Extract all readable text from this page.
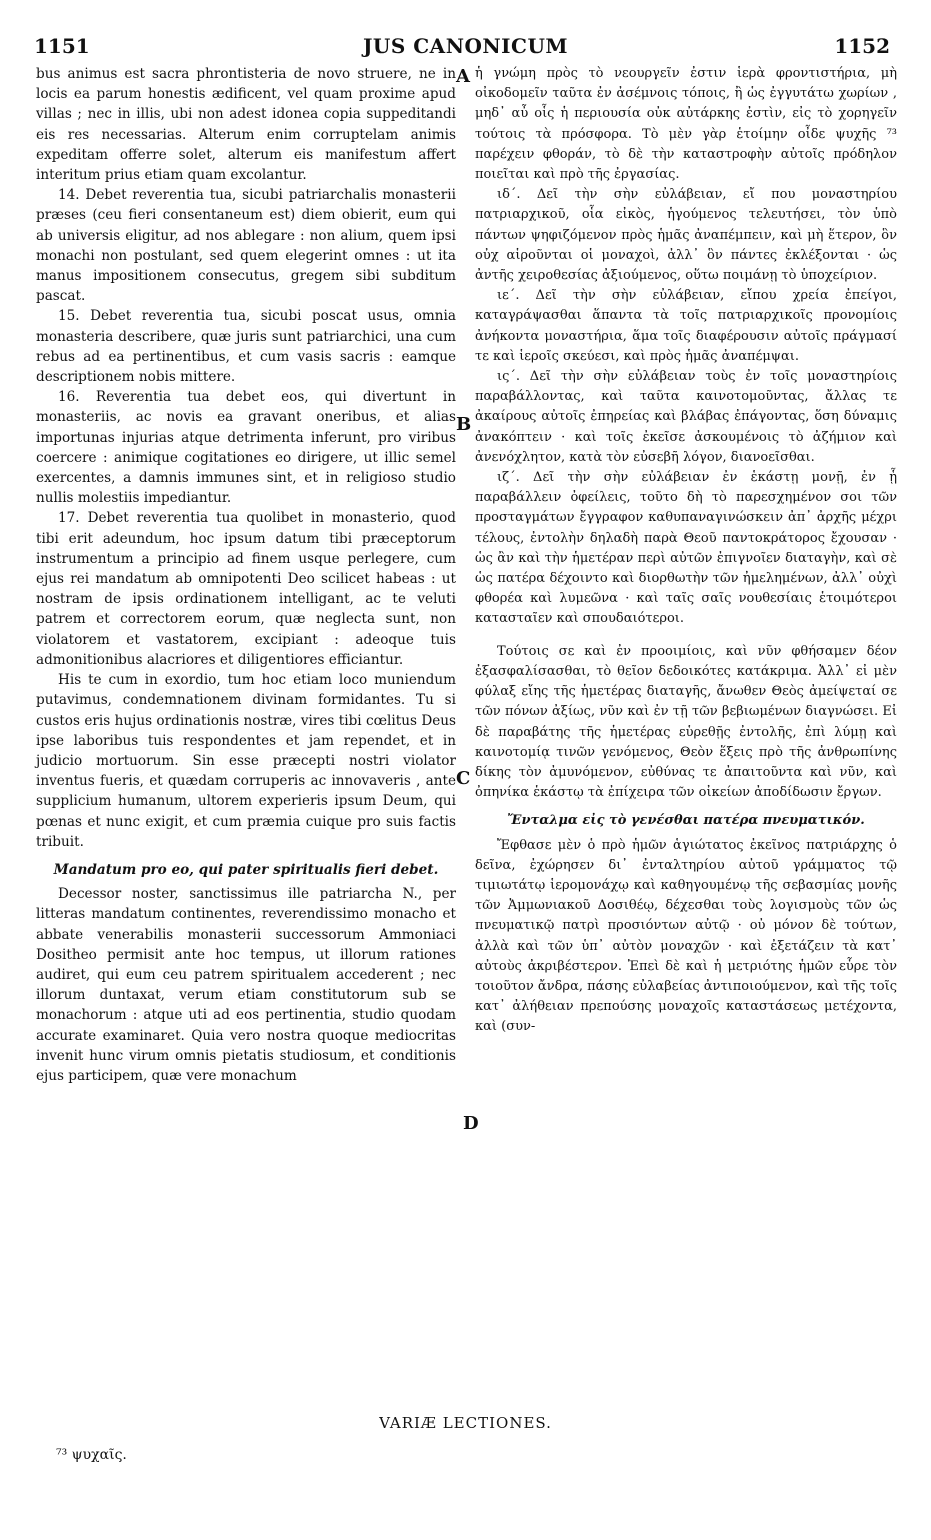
1151	JUS CANONICUM	1152
A
B
C
D

bus animus est sacra phrontisteria de novo struere, ne in locis ea parum honestis ædificent, vel quam proxime apud villas ; nec in illis, ubi non adest idonea copia suppeditandi eis res necessarias. Alterum enim corruptelam animis expeditam offerre solet, alterum eis manifestum affert interitum prius etiam quam excolantur.

14. Debet reverentia tua, sicubi patriarchalis monasterii præses (ceu fieri consentaneum est) diem obierit, eum qui ab universis eligitur, ad nos ablegare : non alium, quem ipsi monachi non postulant, sed quem elegerint omnes : ut ita manus impositionem consecutus, gregem sibi subditum pascat.

15. Debet reverentia tua, sicubi poscat usus, omnia monasteria describere, quæ juris sunt patriarchici, una cum rebus ad ea pertinentibus, et cum vasis sacris : eamque descriptionem nobis mittere.

16. Reverentia tua debet eos, qui divertunt in monasteriis, ac novis ea gravant oneribus, et alias importunas injurias atque detrimenta inferunt, pro viribus coercere : animique cogitationes eo dirigere, ut illic semel exercentes, a damnis immunes sint, et in religioso studio nullis molestiis impediantur.

17. Debet reverentia tua quolibet in monasterio, quod tibi erit adeundum, hoc ipsum datum tibi præceptorum instrumentum a principio ad finem usque perlegere, cum ejus rei mandatum ab omnipotenti Deo scilicet habeas : ut nostram de ipsis ordinationem intelligant, ac te veluti patrem et correctorem eorum, quæ neglecta sunt, non violatorem et vastatorem, excipiant : adeoque tuis admonitionibus alacriores et diligentiores efficiantur.

His te cum in exordio, tum hoc etiam loco muniendum putavimus, condemnationem divinam formidantes. Tu si custos eris hujus ordinationis nostræ, vires tibi cœlitus Deus ipse laboribus tuis respondentes et jam rependet, et in judicio mortuorum. Sin esse præcepti nostri violator inventus fueris, et quædam corruperis ac innovaveris , ante supplicium humanum, ultorem experieris ipsum Deum, qui pœnas et nunc exigit, et cum præmia cuique pro suis factis tribuit.

Mandatum pro eo, qui pater spiritualis fieri debet.

Decessor noster, sanctissimus ille patriarcha N., per litteras mandatum continentes, reverendissimo monacho et abbate venerabilis monasterii successorum Ammoniaci Dositheo permisit ante hoc tempus, ut illorum rationes audiret, qui eum ceu patrem spiritualem accederent ; nec illorum duntaxat, verum etiam constitutorum sub se monachorum : atque uti ad eos pertinentia, studio quodam accurate examinaret. Quia vero nostra quoque mediocritas invenit hunc virum omnis pietatis studiosum, et conditionis ejus participem, quæ vere monachum

ἡ γνώμη πρὸς τὸ νεουργεῖν ἐστιν ἱερὰ φροντιστήρια, μὴ οἰκοδομεῖν ταῦτα ἐν ἀσέμνοις τόποις, ἢ ὡς ἐγγυτάτω χωρίων , μηδ᾽ αὖ οἷς ἡ περιουσία οὐκ αὐτάρκης ἐστὶν, εἰς τὸ χορηγεῖν τούτοις τὰ πρόσφορα. Τὸ μὲν γὰρ ἑτοίμην οἶδε ψυχῆς ⁷³ παρέχειν φθοράν, τὸ δὲ τὴν καταστροφὴν αὐτοῖς πρόδηλον ποιεῖται καὶ πρὸ τῆς ἐργασίας.

ιδ΄. Δεῖ τὴν σὴν εὐλάβειαν, εἴ που μοναστηρίου πατριαρχικοῦ, οἷα εἰκὸς, ἡγούμενος τελευτήσει, τὸν ὑπὸ πάντων ψηφιζόμενον πρὸς ἡμᾶς ἀναπέμπειν, καὶ μὴ ἕτερον, ὃν οὐχ αἱροῦνται οἱ μοναχοὶ, ἀλλ᾽ ὃν πάντες ἐκλέξονται · ὡς ἀντῆς χειροθεσίας ἀξιούμενος, οὕτω ποιμάνῃ τὸ ὑποχείριον.

ιε΄. Δεῖ τὴν σὴν εὐλάβειαν, εἴπου χρεία ἐπείγοι, καταγράψασθαι ἅπαντα τὰ τοῖς πατριαρχικοῖς προνομίοις ἀνήκοντα μοναστήρια, ἅμα τοῖς διαφέρουσιν αὐτοῖς πράγμασί τε καὶ ἱεροῖς σκεύεσι, καὶ πρὸς ἡμᾶς ἀναπέμψαι.

ις΄. Δεῖ τὴν σὴν εὐλάβειαν τοὺς ἐν τοῖς μοναστηρίοις παραβάλλοντας, καὶ ταῦτα καινοτομοῦντας, ἄλλας τε ἀκαίρους αὐτοῖς ἐπηρείας καὶ βλάβας ἐπάγοντας, ὅση δύναμις ἀνακόπτειν · καὶ τοῖς ἐκεῖσε ἀσκουμένοις τὸ ἀζήμιον καὶ ἀνενόχλητον, κατὰ τὸν εὐσεβῆ λόγον, διανοεῖσθαι.

ιζ΄. Δεῖ τὴν σὴν εὐλάβειαν ἐν ἑκάστῃ μονῇ, ἐν ᾗ παραβάλλειν ὀφείλεις, τοῦτο δὴ τὸ παρεσχημένον σοι τῶν προσταγμάτων ἔγγραφον καθυπαναγινώσκειν ἀπ᾽ ἀρχῆς μέχρι τέλους, ἐντολὴν δηλαδὴ παρὰ Θεοῦ παντοκράτορος ἔχουσαν · ὡς ἂν καὶ τὴν ἡμετέραν περὶ αὐτῶν ἐπιγνοῖεν διαταγὴν, καὶ σὲ ὡς πατέρα δέχοιντο καὶ διορθωτὴν τῶν ἠμελημένων, ἀλλ᾽ οὐχὶ φθορέα καὶ λυμεῶνα · καὶ ταῖς σαῖς νουθεσίαις ἑτοιμότεροι κατασταῖεν καὶ σπουδαιότεροι.

Τούτοις σε καὶ ἐν προοιμίοις, καὶ νῦν φθήσαμεν δέον ἐξασφαλίσασθαι, τὸ θεῖον δεδοικότες κατάκριμα. Ἀλλ᾽ εἰ μὲν φύλαξ εἴης τῆς ἡμετέρας διαταγῆς, ἄνωθεν Θεὸς ἀμείψεταί σε τῶν πόνων ἀξίως, νῦν καὶ ἐν τῇ τῶν βεβιωμένων διαγνώσει. Εἰ δὲ παραβάτης τῆς ἡμετέρας εὑρεθῇς ἐντολῆς, ἐπὶ λύμῃ καὶ καινοτομίᾳ τινῶν γενόμενος, Θεὸν ἕξεις πρὸ τῆς ἀνθρωπίνης δίκης τὸν ἀμυνόμενον, εὐθύνας τε ἀπαιτοῦντα καὶ νῦν, καὶ ὀπηνίκα ἑκάστῳ τὰ ἐπίχειρα τῶν οἰκείων ἀποδίδωσιν ἔργων.

Ἔνταλμα εἰς τὸ γενέσθαι πατέρα πνευματικόν.

Ἔφθασε μὲν ὁ πρὸ ἡμῶν ἁγιώτατος ἐκεῖνος πατριάρχης ὁ δεῖνα, ἐχώρησεν δι᾽ ἐνταλτηρίου αὐτοῦ γράμματος τῷ τιμιωτάτῳ ἱερομονάχῳ καὶ καθηγουμένῳ τῆς σεβασμίας μονῆς τῶν Ἀμμωνιακοῦ Δοσιθέῳ, δέχεσθαι τοὺς λογισμοὺς τῶν ὡς πνευματικῷ πατρὶ προσιόντων αὐτῷ · οὐ μόνον δὲ τούτων, ἀλλὰ καὶ τῶν ὑπ᾽ αὐτὸν μοναχῶν · καὶ ἐξετάζειν τὰ κατ᾽ αὐτοὺς ἀκριβέστερον. Ἐπεὶ δὲ καὶ ἡ μετριότης ἡμῶν εὗρε τὸν τοιοῦτον ἄνδρα, πάσης εὐλαβείας ἀντιποιούμενον, καὶ τῆς τοῖς κατ᾽ ἀλήθειαν πρεπούσης μοναχοῖς καταστάσεως μετέχοντα, καὶ (συν-

VARIÆ LECTIONES.
⁷³ ψυχαῖς.
